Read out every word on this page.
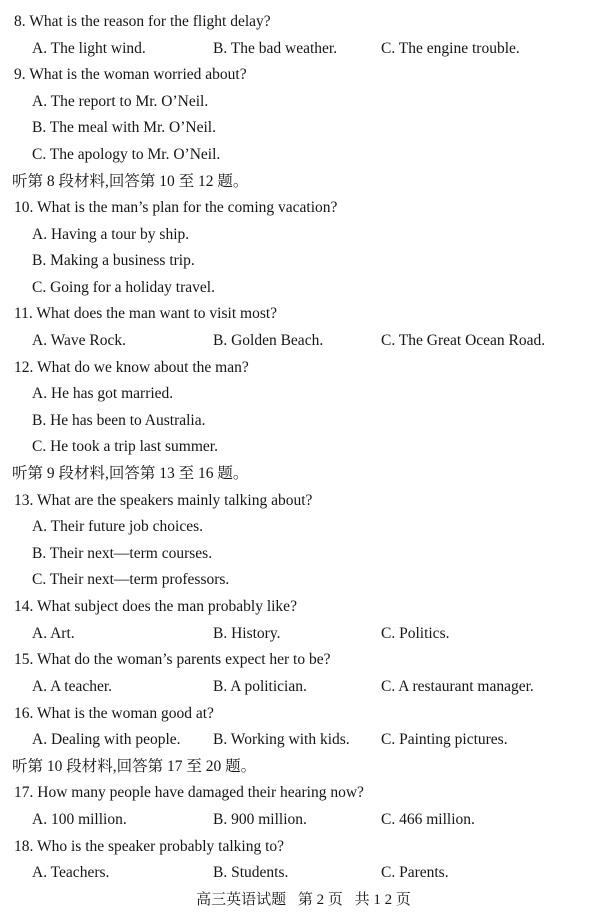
8. What is the reason for the flight delay?
A. The light wind.	B. The bad weather.	C. The engine trouble.
9. What is the woman worried about?
A. The report to Mr. O’Neil.
B. The meal with Mr. O’Neil.
C. The apology to Mr. O’Neil.
听第 8 段材料,回答第 10 至 12 题。
10. What is the man’s plan for the coming vacation?
A. Having a tour by ship.
B. Making a business trip.
C. Going for a holiday travel.
11. What does the man want to visit most?
A. Wave Rock.	B. Golden Beach.	C. The Great Ocean Road.
12. What do we know about the man?
A. He has got married.
B. He has been to Australia.
C. He took a trip last summer.
听第 9 段材料,回答第 13 至 16 题。
13. What are the speakers mainly talking about?
A. Their future job choices.
B. Their next—term courses.
C. Their next—term professors.
14. What subject does the man probably like?
A. Art.	B. History.	C. Politics.
15. What do the woman’s parents expect her to be?
A. A teacher.	B. A politician.	C. A restaurant manager.
16. What is the woman good at?
A. Dealing with people. B. Working with kids. C. Painting pictures.
听第 10 段材料,回答第 17 至 20 题。
17. How many people have damaged their hearing now?
A. 100 million.	B. 900 million.	C. 466 million.
18. Who is the speaker probably talking to?
A. Teachers.	B. Students.	C. Parents.
高三英语试题 第 2 页 共 1 2 页
